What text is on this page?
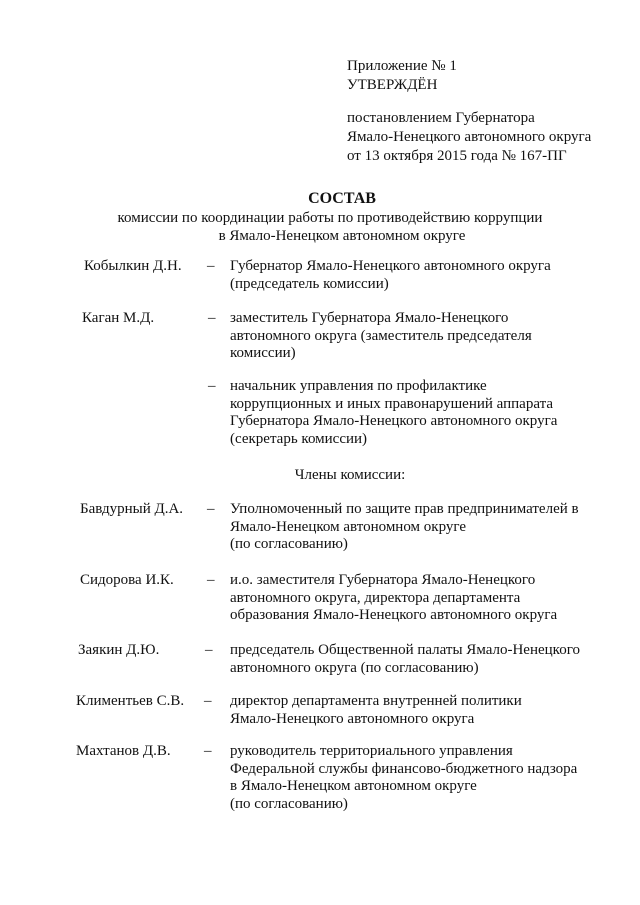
Приложение № 1
УТВЕРЖДЁН
постановлением Губернатора
Ямало-Ненецкого автономного округа
от 13 октября 2015 года № 167-ПГ
СОСТАВ
комиссии по координации работы по противодействию коррупции
в Ямало-Ненецком автономном округе
Кобылкин Д.Н. – Губернатор Ямало-Ненецкого автономного округа
(председатель комиссии)
Каган М.Д.	– заместитель Губернатора Ямало-Ненецкого
автономного округа (заместитель председателя
комиссии)
– начальник управления по профилактике
коррупционных и иных правонарушений аппарата
Губернатора Ямало-Ненецкого автономного округа
(секретарь комиссии)
Члены комиссии:
Бавдурный Д.А. – Уполномоченный по защите прав предпринимателей в
Ямало-Ненецком автономном округе
(по согласованию)
Сидорова И.К. – и.о. заместителя Губернатора Ямало-Ненецкого
автономного округа, директора департамента
образования Ямало-Ненецкого автономного округа
Заякин Д.Ю.	– председатель Общественной палаты Ямало-Ненецкого
автономного округа (по согласованию)
Климентьев С.В. – директор департамента внутренней политики
Ямало-Ненецкого автономного округа
Махтанов Д.В. – руководитель территориального управления
Федеральной службы финансово-бюджетного надзора
в Ямало-Ненецком автономном округе
(по согласованию)
